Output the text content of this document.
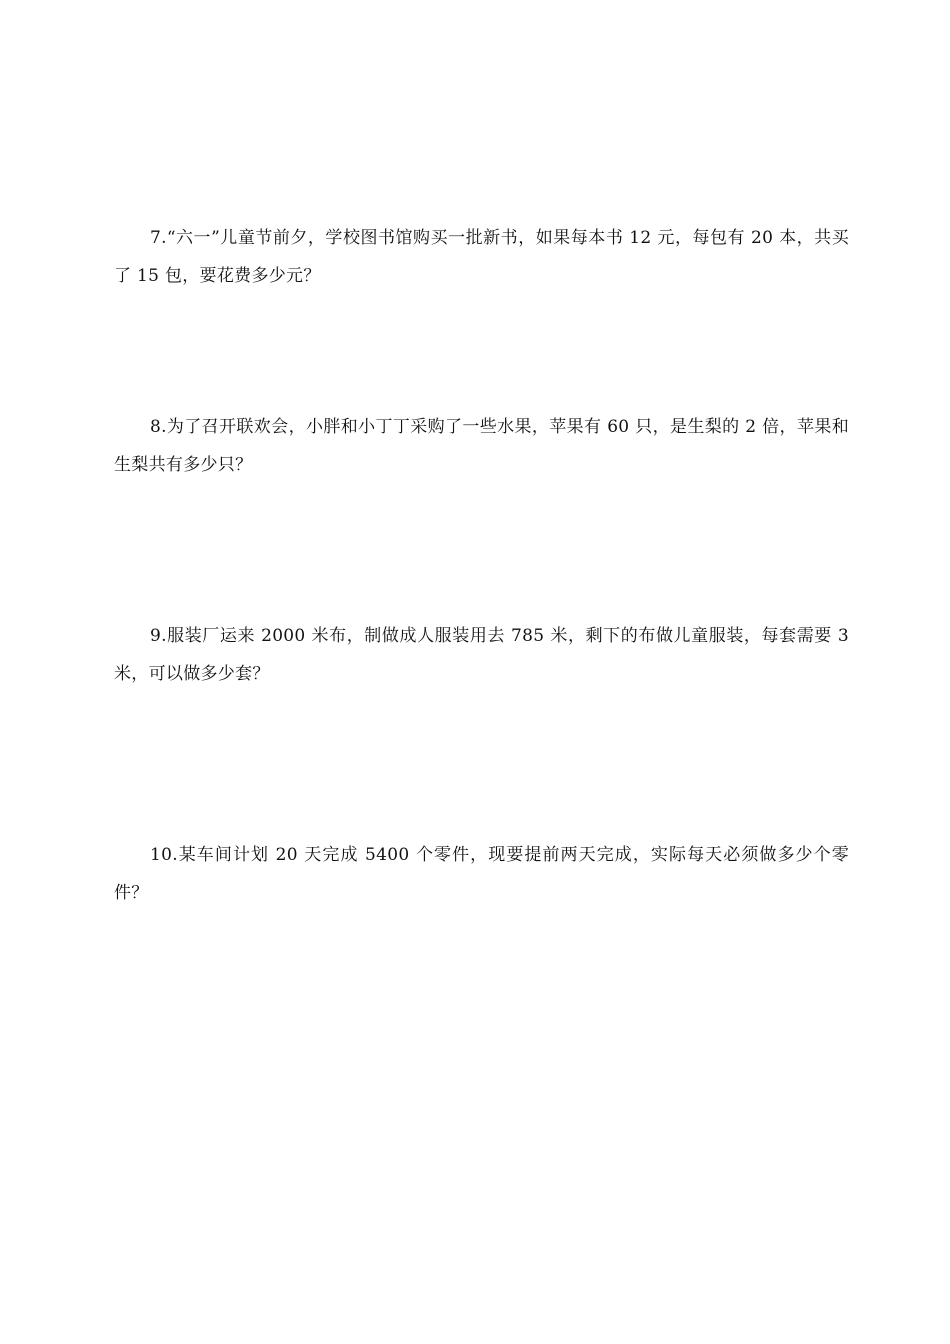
7.“六一”儿童节前夕，学校图书馆购买一批新书，如果每本书 12 元，每包有 20 本，共买了 15 包，要花费多少元？

8.为了召开联欢会，小胖和小丁丁采购了一些水果，苹果有 60 只，是生梨的 2 倍，苹果和生梨共有多少只？

9.服装厂运来 2000 米布，制做成人服装用去 785 米，剩下的布做儿童服装，每套需要 3 米，可以做多少套？

10.某车间计划 20 天完成 5400 个零件，现要提前两天完成，实际每天必须做多少个零件？
